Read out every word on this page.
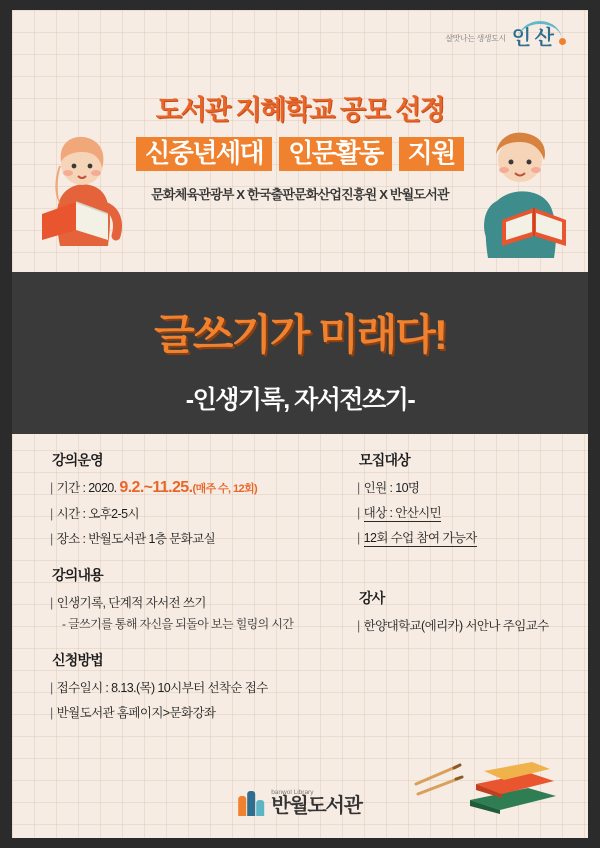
살맛나는 생생도시 인 산
도서관 지혜학교 공모 선정
신중년세대 인문활동 지원
문화체육관광부 X 한국출판문화산업진흥원 X 반월도서관
글쓰기가 미래다!
-인생기록, 자서전쓰기-
강의운영
| 기간 : 2020. 9.2.~11.25.(매주 수, 12회)
| 시간 : 오후2-5시
| 장소 : 반월도서관 1층 문화교실
강의내용
| 인생기록, 단계적 자서전 쓰기
- 글쓰기를 통해 자신을 되돌아 보는 힐링의 시간
신청방법
| 접수일시 : 8.13.(목) 10시부터 선착순 접수
| 반월도서관 홈페이지>문화강좌
모집대상
| 인원 : 10명
| 대상 : 안산시민
| 12회 수업 참여 가능자
강사
| 한양대학교(에리카) 서안나 주임교수
banwol Library
반월도서관
